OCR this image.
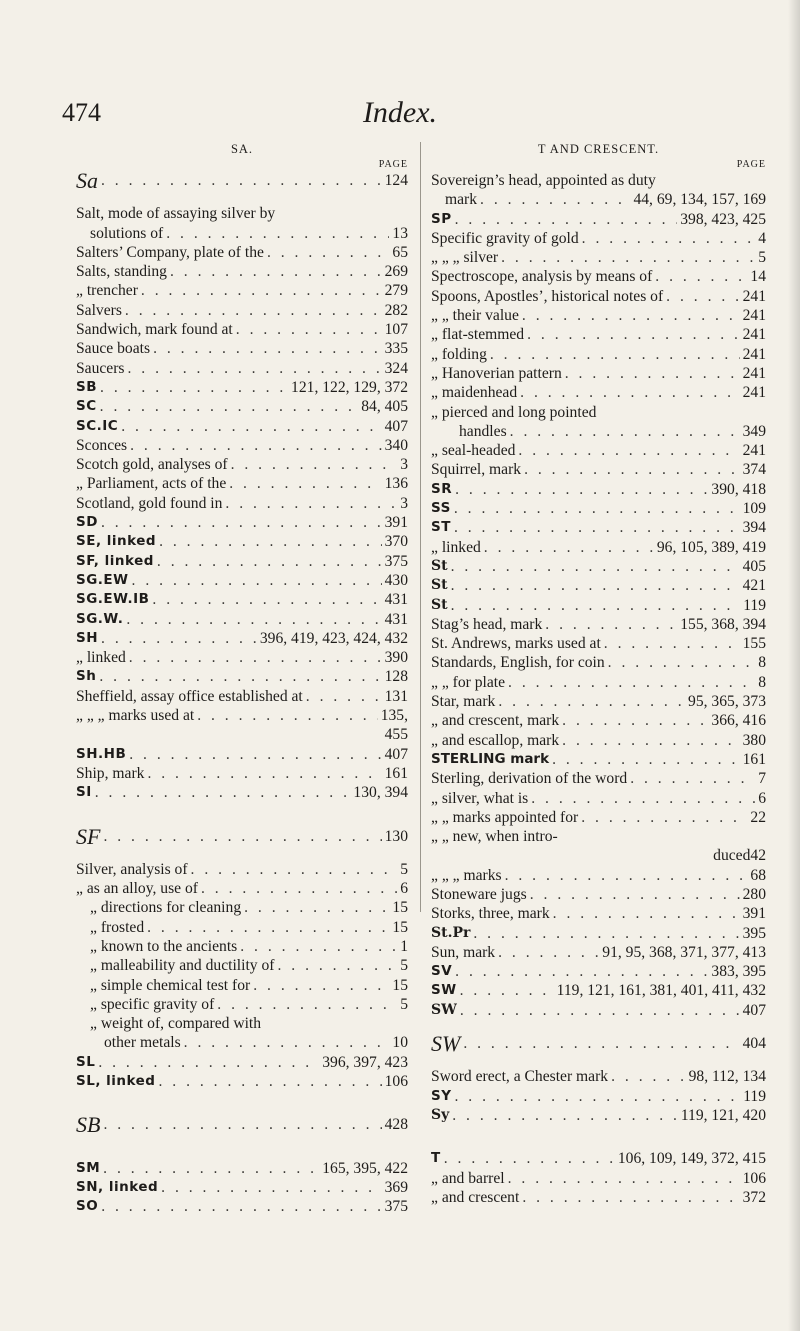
474	Index.
SA.
PAGE
Sa . . .	124
Salt, mode of assaying silver by
solutions of . . .	13
Salters’ Company, plate of the . . .	65
Salts, standing . . .	269
„ trencher . . .	279
Salvers . . .	282
Sandwich, mark found at . . .	107
Sauce boats . . .	335
Saucers . . .	324
SB . . .	121, 122, 129, 372
SC . . .	84, 405
SC.IC . . .	407
Sconces . . .	340
Scotch gold, analyses of . . .	3
„ Parliament, acts of the . . .	136
Scotland, gold found in . . .	3
SD . . .	391
SE, linked . . .	370
SF, linked . . .	375
SG.EW . . .	430
SG.EW.IB . . .	431
SG.W. . . .	431
SH . . .	396, 419, 423, 424, 432
„ linked . . .	390
Sh . . .	128
Sheffield, assay office established at . . .	131
„ „ „ marks used at . . .	135,
455
SH.HB . . .	407
Ship, mark . . .	161
SI . . .	130, 394
SF . . .	130
Silver, analysis of . . .	5
„ as an alloy, use of . . .	6
„ directions for cleaning . . .	15
„ frosted . . .	15
„ known to the ancients . . .	1
„ malleability and ductility of . . .	5
„ simple chemical test for . . .	15
„ specific gravity of . . .	5
„ weight of, compared with
other metals . . .	10
SL . . .	396, 397, 423
SL, linked . . .	106
SB . . .	428
SM . . .	165, 395, 422
SN, linked . . .	369
SO . . .	375
T AND CRESCENT.
PAGE
Sovereign’s head, appointed as duty
mark . . .	44, 69, 134, 157, 169
SP . . .	398, 423, 425
Specific gravity of gold . . .	4
„ „ „ silver . . .	5
Spectroscope, analysis by means of . . .	14
Spoons, Apostles’, historical notes of . . .	241
„ „ their value . . .	241
„ flat-stemmed . . .	241
„ folding . . .	241
„ Hanoverian pattern . . .	241
„ maidenhead . . .	241
„ pierced and long pointed
handles . . .	349
„ seal-headed . . .	241
Squirrel, mark . . .	374
SR . . .	390, 418
SS . . .	109
ST . . .	394
„ linked . . .	96, 105, 389, 419
St . . .	405
St . . .	421
St . . .	119
Stag’s head, mark . . .	155, 368, 394
St. Andrews, marks used at . . .	155
Standards, English, for coin . . .	8
„ „ for plate . . .	8
Star, mark . . .	95, 365, 373
„ and crescent, mark . . .	366, 416
„ and escallop, mark . . .	380
STERLING mark . . .	161
Sterling, derivation of the word . . .	7
„ silver, what is . . .	6
„ „ marks appointed for . . .	22
„ „ new, when intro-
duced 42
„ „ „ marks . . .	68
Stoneware jugs . . .	280
Storks, three, mark . . .	391
St.Pr . . .	395
Sun, mark . . .	91, 95, 368, 371, 377, 413
SV . . .	383, 395
SW . . .	119, 121, 161, 381, 401, 411, 432
SW . . .	407
SW . . .	404
Sword erect, a Chester mark . . .	98, 112, 134
SY . . .	119
Sy . . .	119, 121, 420
T . . .	106, 109, 149, 372, 415
„ and barrel . . .	106
„ and crescent . . .	372
